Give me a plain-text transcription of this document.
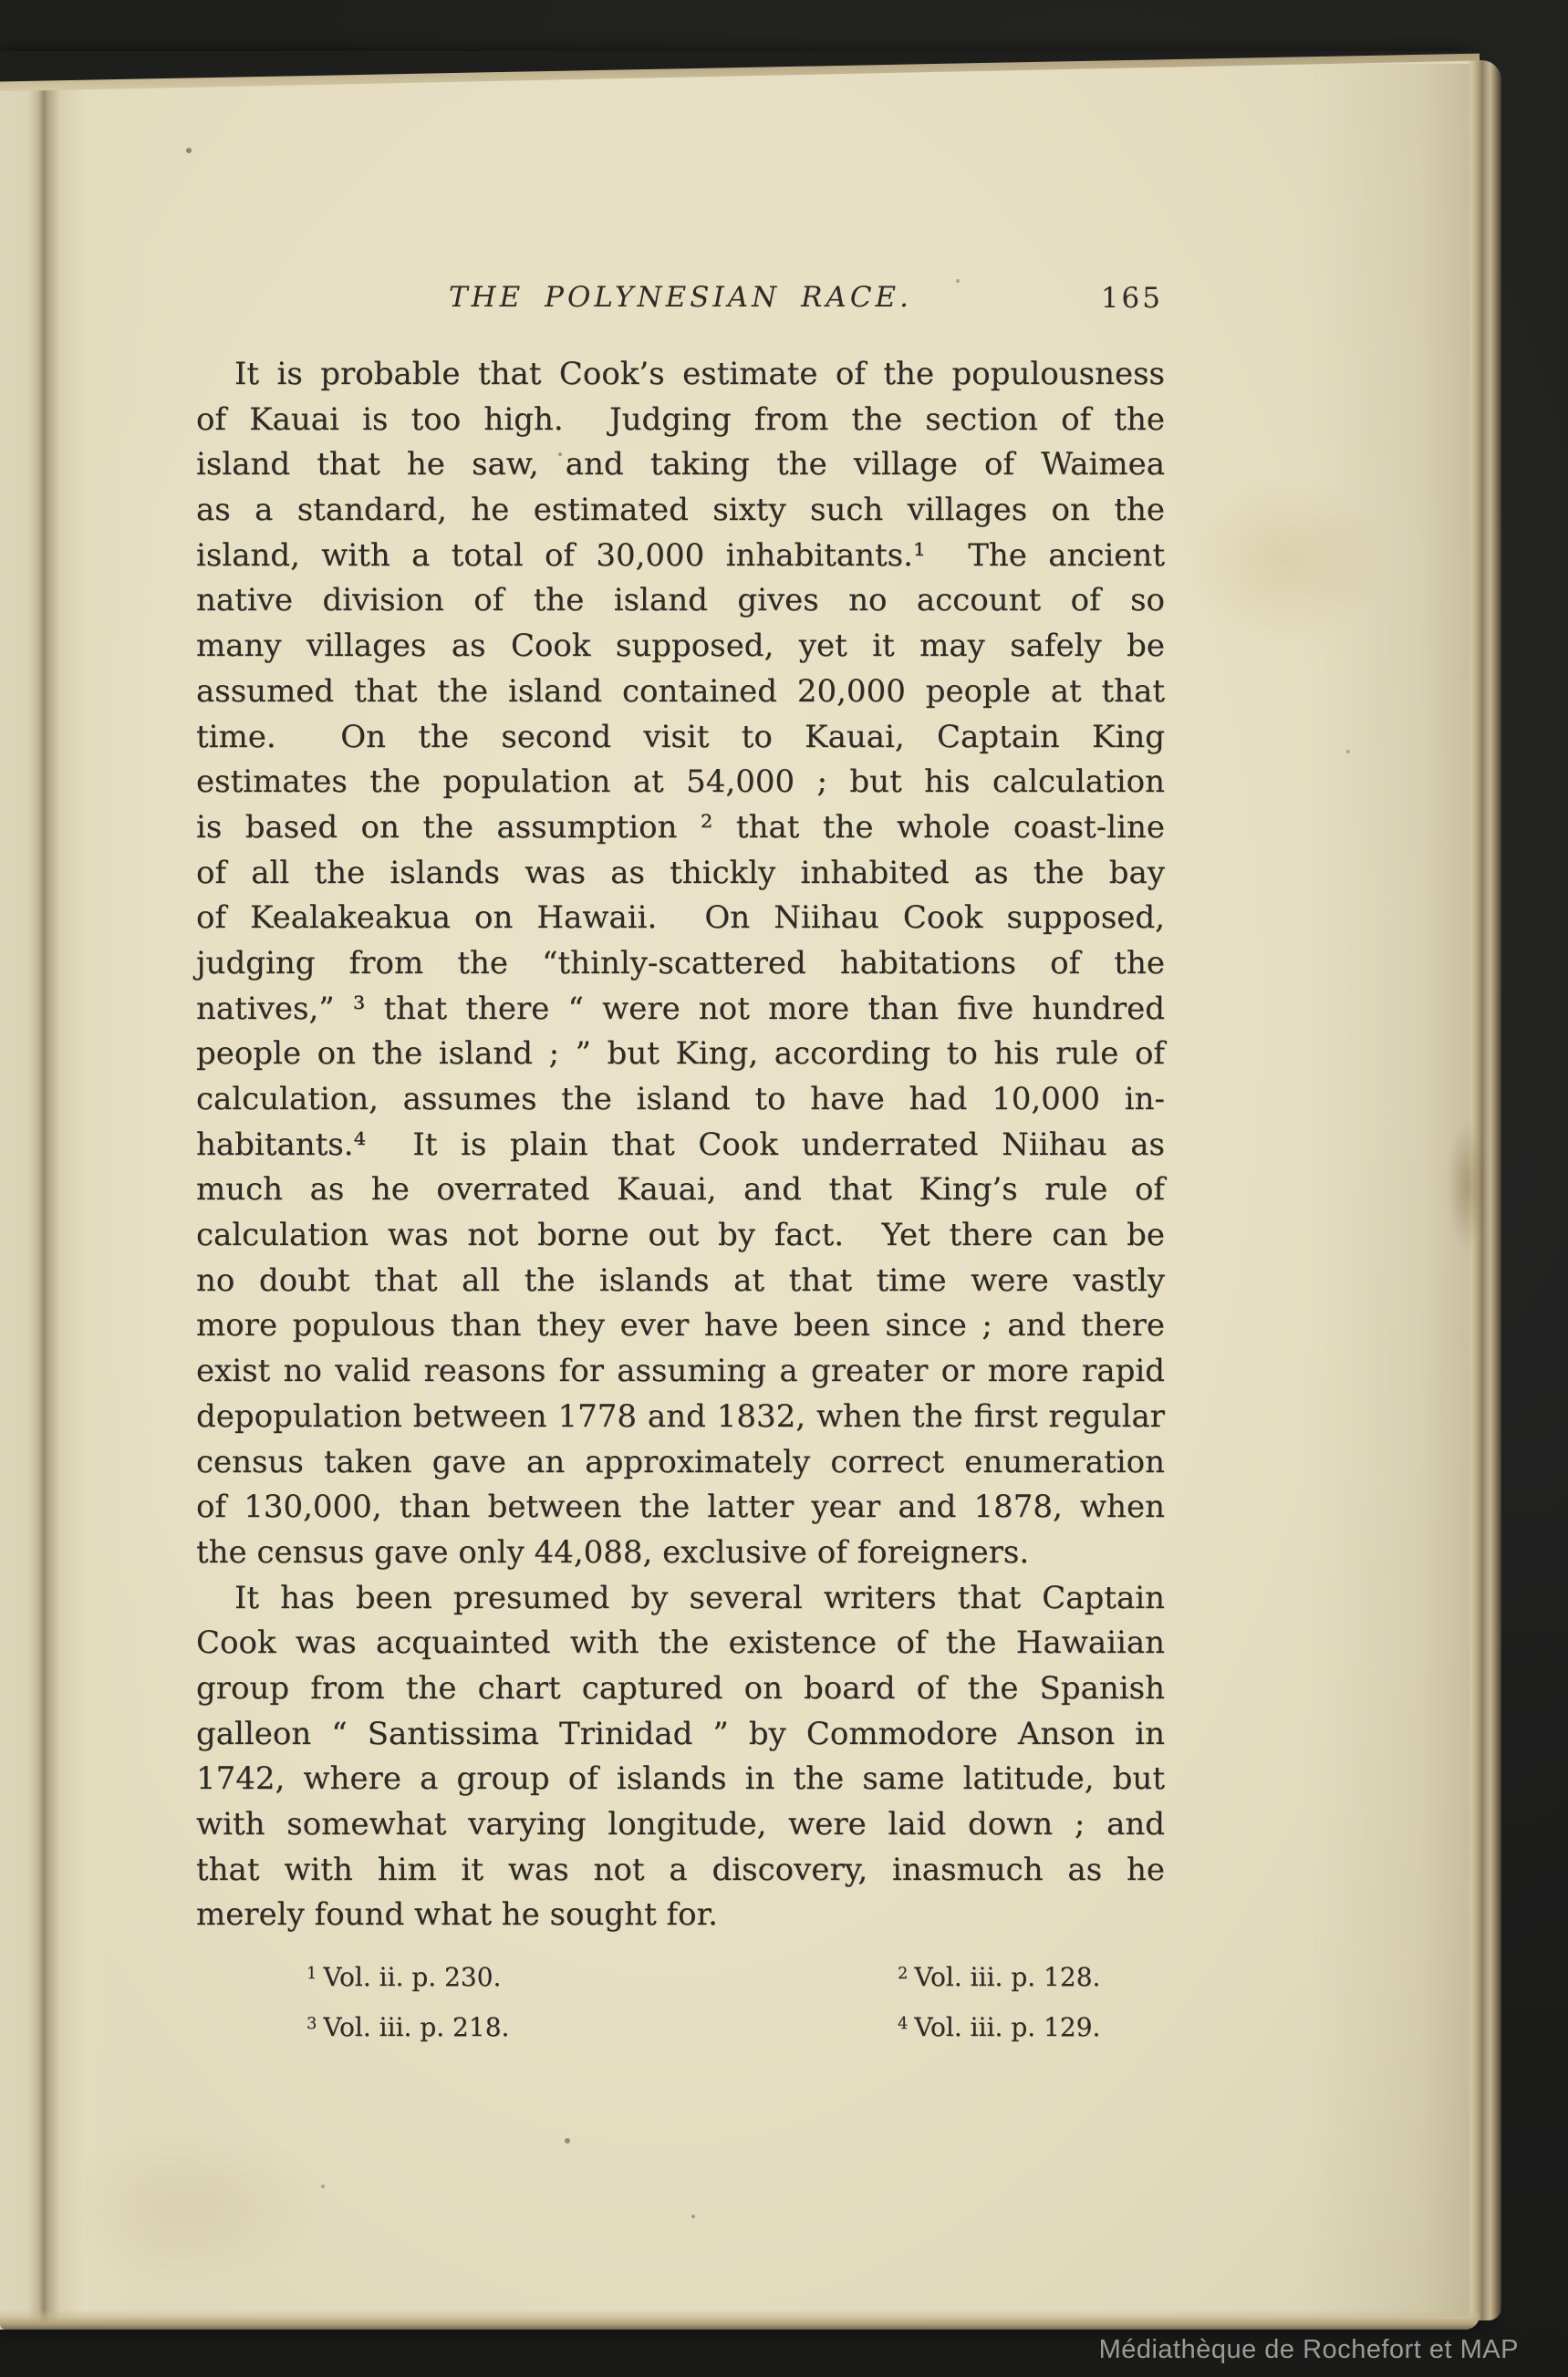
THE POLYNESIAN RACE.	165
It is probable that Cook’s estimate of the populousness
of Kauai is too high.  Judging from the section of the
island that he saw, and taking the village of Waimea
as a standard, he estimated sixty such villages on the
island, with a total of 30,000 inhabitants.¹  The ancient
native division of the island gives no account of so
many villages as Cook supposed, yet it may safely be
assumed that the island contained 20,000 people at that
time.  On the second visit to Kauai, Captain King
estimates the population at 54,000 ; but his calculation
is based on the assumption ² that the whole coast-line
of all the islands was as thickly inhabited as the bay
of Kealakeakua on Hawaii.  On Niihau Cook supposed,
judging from the “thinly-scattered habitations of the
natives,” ³ that there “ were not more than five hundred
people on the island ; ” but King, according to his rule of
calculation, assumes the island to have had 10,000 in-
habitants.⁴  It is plain that Cook underrated Niihau as
much as he overrated Kauai, and that King’s rule of
calculation was not borne out by fact.  Yet there can be
no doubt that all the islands at that time were vastly
more populous than they ever have been since ; and there
exist no valid reasons for assuming a greater or more rapid
depopulation between 1778 and 1832, when the first regular
census taken gave an approximately correct enumeration
of 130,000, than between the latter year and 1878, when
the census gave only 44,088, exclusive of foreigners.
It has been presumed by several writers that Captain
Cook was acquainted with the existence of the Hawaiian
group from the chart captured on board of the Spanish
galleon “ Santissima Trinidad ” by Commodore Anson in
1742, where a group of islands in the same latitude, but
with somewhat varying longitude, were laid down ; and
that with him it was not a discovery, inasmuch as he
merely found what he sought for.
$^1$ Vol. ii. p. 230.	$^2$ Vol. iii. p. 128.
$^3$ Vol. iii. p. 218.	$^4$ Vol. iii. p. 129.
Médiathèque de Rochefort et MAP
